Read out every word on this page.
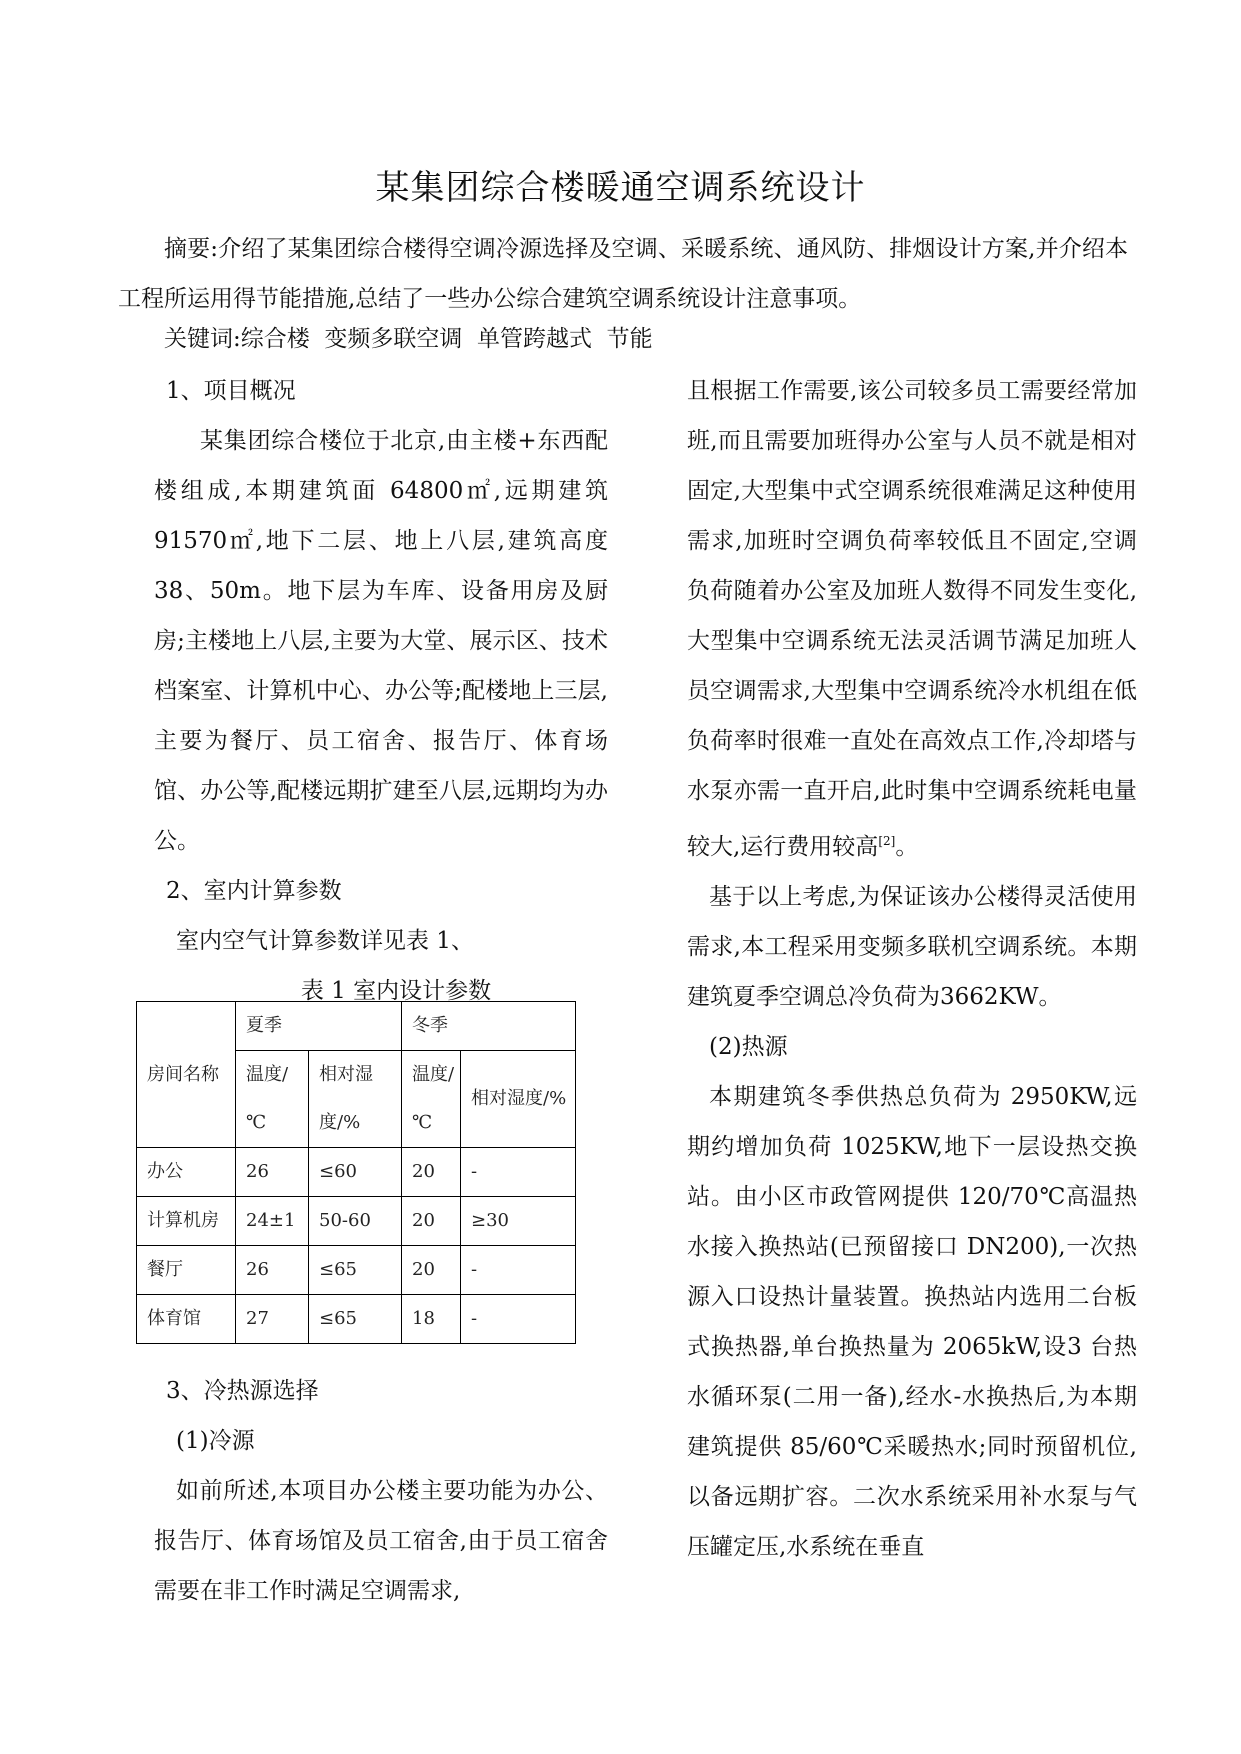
某集团综合楼暖通空调系统设计
摘要:介绍了某集团综合楼得空调冷源选择及空调、采暖系统、通风防、排烟设计方案,并介绍本工程所运用得节能措施,总结了一些办公综合建筑空调系统设计注意事项。
关键词:综合楼  变频多联空调  单管跨越式  节能

1、项目概况

某集团综合楼位于北京,由主楼+东西配楼组成,本期建筑面 64800㎡,远期建筑91570㎡,地下二层、地上八层,建筑高度38、50m。地下层为车库、设备用房及厨房;主楼地上八层,主要为大堂、展示区、技术档案室、计算机中心、办公等;配楼地上三层,主要为餐厅、员工宿舍、报告厅、体育场馆、办公等,配楼远期扩建至八层,远期均为办公。

2、室内计算参数

室内空气计算参数详见表 1、

表 1 室内设计参数

3、冷热源选择

(1)冷源

如前所述,本项目办公楼主要功能为办公、报告厅、体育场馆及员工宿舍,由于员工宿舍需要在非工作时满足空调需求,

房间名称	夏季		冬季	
	温度/℃	相对湿度/%	温度/℃	相对湿度/%
办公	26	≤60	20	-
计算机房	24±1	50-60	20	≥30
餐厅	26	≤65	20	-
体育馆	27	≤65	18	-

且根据工作需要,该公司较多员工需要经常加班,而且需要加班得办公室与人员不就是相对固定,大型集中式空调系统很难满足这种使用需求,加班时空调负荷率较低且不固定,空调负荷随着办公室及加班人数得不同发生变化,大型集中空调系统无法灵活调节满足加班人员空调需求,大型集中空调系统冷水机组在低负荷率时很难一直处在高效点工作,冷却塔与水泵亦需一直开启,此时集中空调系统耗电量较大,运行费用较高[2]。

基于以上考虑,为保证该办公楼得灵活使用需求,本工程采用变频多联机空调系统。本期建筑夏季空调总冷负荷为3662KW。

(2)热源

本期建筑冬季供热总负荷为 2950KW,远期约增加负荷 1025KW,地下一层设热交换站。由小区市政管网提供 120/70℃高温热水接入换热站(已预留接口 DN200),一次热源入口设热计量装置。换热站内选用二台板式换热器,单台换热量为 2065kW,设3 台热水循环泵(二用一备),经水-水换热后,为本期建筑提供 85/60℃采暖热水;同时预留机位,以备远期扩容。二次水系统采用补水泵与气压罐定压,水系统在垂直
